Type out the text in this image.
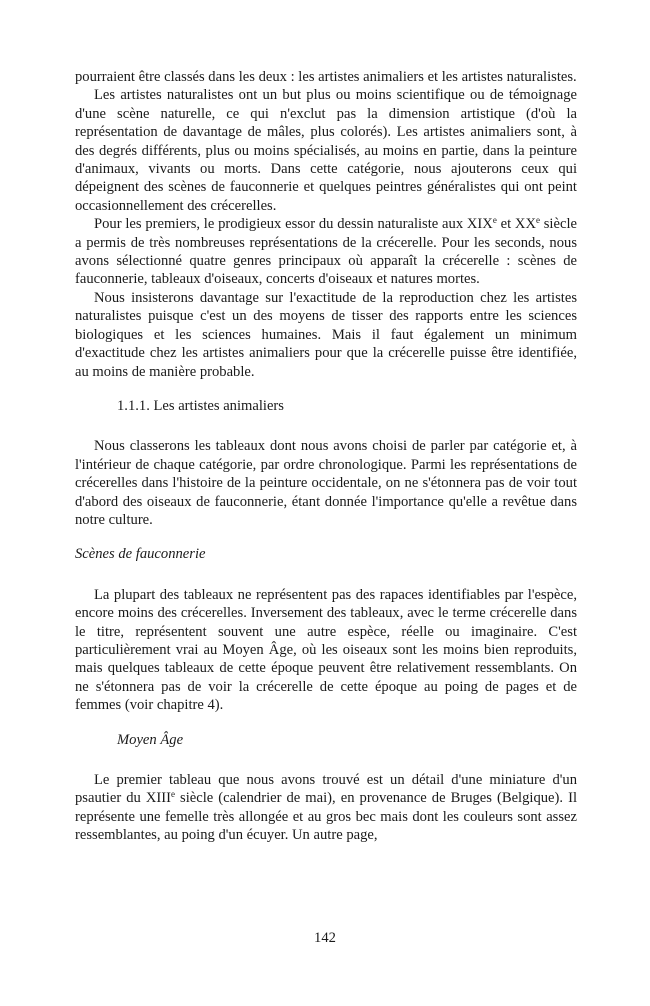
pourraient être classés dans les deux : les artistes animaliers et les artistes naturalistes.

Les artistes naturalistes ont un but plus ou moins scientifique ou de témoignage d'une scène naturelle, ce qui n'exclut pas la dimension artistique (d'où la représentation de davantage de mâles, plus colorés). Les artistes animaliers sont, à des degrés différents, plus ou moins spécialisés, au moins en partie, dans la peinture d'animaux, vivants ou morts. Dans cette catégorie, nous ajouterons ceux qui dépeignent des scènes de fauconnerie et quelques peintres généralistes qui ont peint occasionnellement des crécerelles.

Pour les premiers, le prodigieux essor du dessin naturaliste aux XIXe et XXe siècle a permis de très nombreuses représentations de la crécerelle. Pour les seconds, nous avons sélectionné quatre genres principaux où apparaît la crécerelle : scènes de fauconnerie, tableaux d'oiseaux, concerts d'oiseaux et natures mortes.

Nous insisterons davantage sur l'exactitude de la reproduction chez les artistes naturalistes puisque c'est un des moyens de tisser des rapports entre les sciences biologiques et les sciences humaines. Mais il faut également un minimum d'exactitude chez les artistes animaliers pour que la crécerelle puisse être identifiée, au moins de manière probable.

1.1.1. Les artistes animaliers

Nous classerons les tableaux dont nous avons choisi de parler par catégorie et, à l'intérieur de chaque catégorie, par ordre chronologique. Parmi les représentations de crécerelles dans l'histoire de la peinture occidentale, on ne s'étonnera pas de voir tout d'abord des oiseaux de fauconnerie, étant donnée l'importance qu'elle a revêtue dans notre culture.

Scènes de fauconnerie

La plupart des tableaux ne représentent pas des rapaces identifiables par l'espèce, encore moins des crécerelles. Inversement des tableaux, avec le terme crécerelle dans le titre, représentent souvent une autre espèce, réelle ou imaginaire. C'est particulièrement vrai au Moyen Âge, où les oiseaux sont les moins bien reproduits, mais quelques tableaux de cette époque peuvent être relativement ressemblants. On ne s'étonnera pas de voir la crécerelle de cette époque au poing de pages et de femmes (voir chapitre 4).

Moyen Âge

Le premier tableau que nous avons trouvé est un détail d'une miniature d'un psautier du XIIIe siècle (calendrier de mai), en provenance de Bruges (Belgique). Il représente une femelle très allongée et au gros bec mais dont les couleurs sont assez ressemblantes, au poing d'un écuyer. Un autre page,

142
